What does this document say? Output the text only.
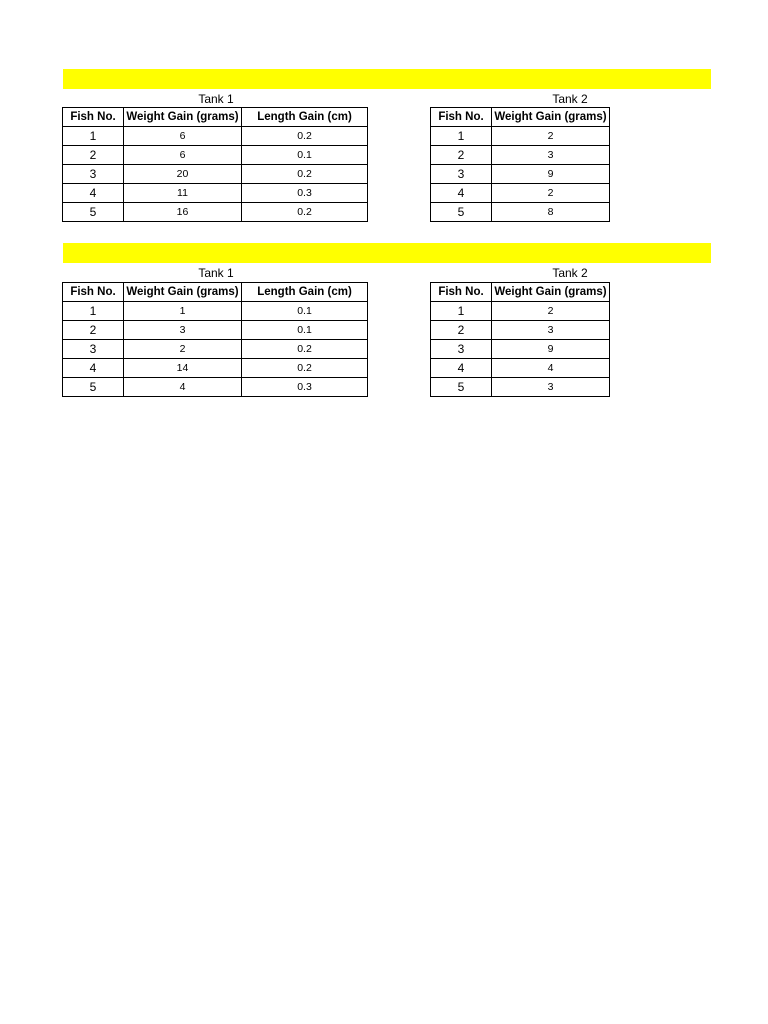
Tank 1	Tank 2
Fish No.	Weight Gain (grams)	Length Gain (cm)
1	6	0.2
2	6	0.1
3	20	0.2
4	11	0.3
5	16	0.2
Fish No.	Weight Gain (grams)
1	2
2	3
3	9
4	2
5	8
Tank 1	Tank 2
Fish No.	Weight Gain (grams)	Length Gain (cm)
1	1	0.1
2	3	0.1
3	2	0.2
4	14	0.2
5	4	0.3
Fish No.	Weight Gain (grams)
1	2
2	3
3	9
4	4
5	3
